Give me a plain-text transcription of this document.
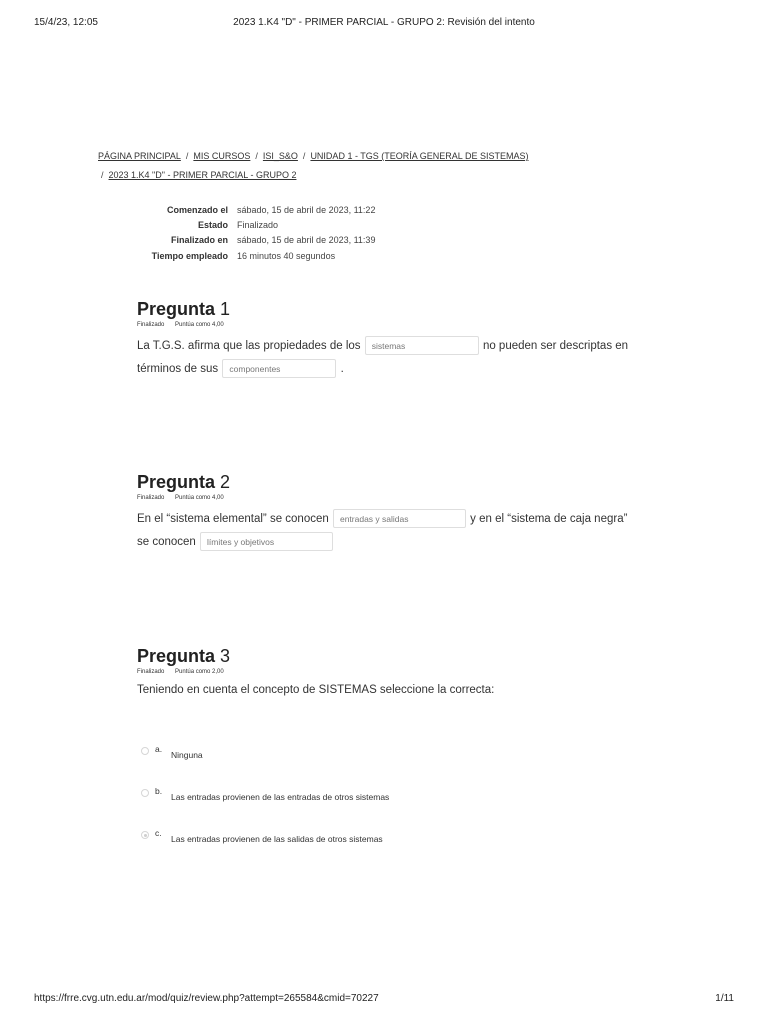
15/4/23, 12:05	2023 1.K4 "D" - PRIMER PARCIAL - GRUPO 2: Revisión del intento
PÁGINA PRINCIPAL / MIS CURSOS / ISI_S&O / UNIDAD 1 - TGS (TEORÍA GENERAL DE SISTEMAS)
/ 2023 1.K4 "D" - PRIMER PARCIAL - GRUPO 2
Comenzado el	sábado, 15 de abril de 2023, 11:22
Estado	Finalizado
Finalizado en	sábado, 15 de abril de 2023, 11:39
Tiempo empleado	16 minutos 40 segundos
Pregunta 1
Finalizado Puntúa como 4,00
La T.G.S. afirma que las propiedades de los sistemas	no pueden ser descriptas en
términos de sus componentes	.
Pregunta 2
Finalizado Puntúa como 4,00
En el “sistema elemental” se conocen entradas y salidas	y en el “sistema de caja negra”
se conocen límites y objetivos
Pregunta 3
Finalizado Puntúa como 2,00
Teniendo en cuenta el concepto de SISTEMAS seleccione la correcta:
a.
Ninguna
b.
Las entradas provienen de las entradas de otros sistemas
c.
Las entradas provienen de las salidas de otros sistemas
https://frre.cvg.utn.edu.ar/mod/quiz/review.php?attempt=265584&cmid=70227	1/11
